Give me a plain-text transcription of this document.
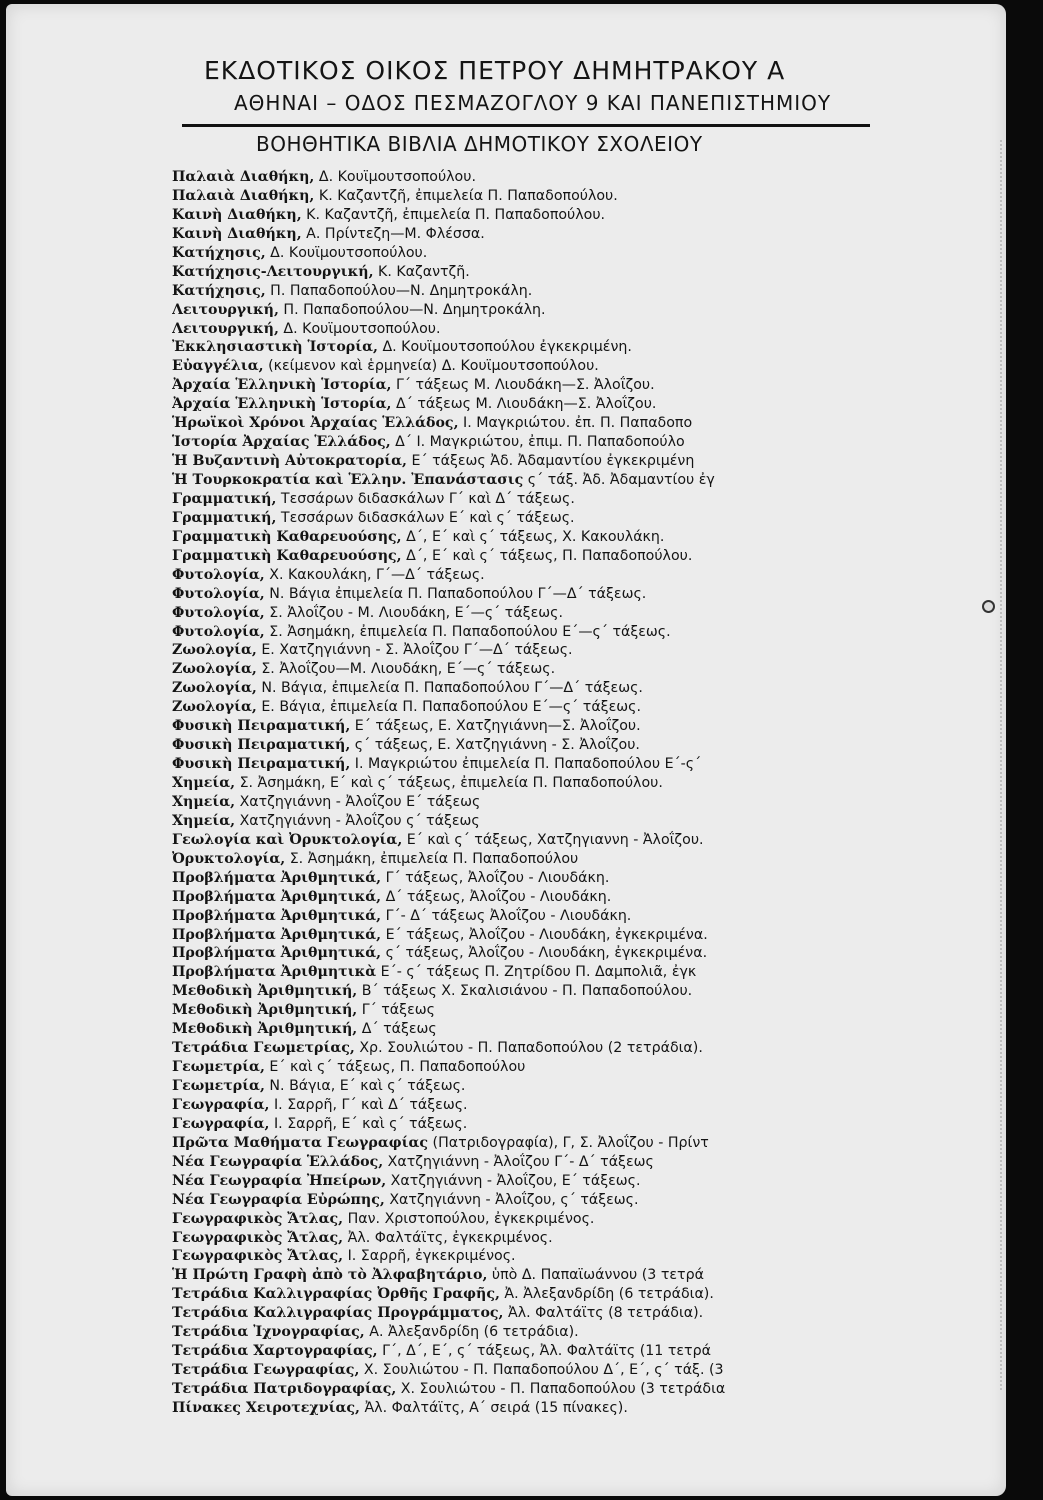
ΕΚΔΟΤΙΚΟΣ ΟΙΚΟΣ ΠΕΤΡΟΥ ΔΗΜΗΤΡΑΚΟΥ Α
ΑΘΗΝΑΙ – ΟΔΟΣ ΠΕΣΜΑΖΟΓΛΟΥ 9 ΚΑΙ ΠΑΝΕΠΙΣΤΗΜΙΟΥ
ΒΟΗΘΗΤΙΚΑ ΒΙΒΛΙΑ ΔΗΜΟΤΙΚΟΥ ΣΧΟΛΕΙΟΥ
Παλαιὰ Διαθήκη, Δ. Κουϊμουτσοπούλου.
Παλαιὰ Διαθήκη, Κ. Καζαντζῆ, ἐπιμελεία Π. Παπαδοπούλου.
Καινὴ Διαθήκη, Κ. Καζαντζῆ, ἐπιμελεία Π. Παπαδοπούλου.
Καινὴ Διαθήκη, Α. Πρίντεζη—Μ. Φλέσσα.
Κατήχησις, Δ. Κουϊμουτσοπούλου.
Κατήχησις-Λειτουργική, Κ. Καζαντζῆ.
Κατήχησις, Π. Παπαδοπούλου—Ν. Δημητροκάλη.
Λειτουργική, Π. Παπαδοπούλου—Ν. Δημητροκάλη.
Λειτουργική, Δ. Κουϊμουτσοπούλου.
Ἐκκλησιαστικὴ Ἱστορία, Δ. Κουϊμουτσοπούλου ἐγκεκριμένη.
Εὐαγγέλια, (κείμενον καὶ ἑρμηνεία) Δ. Κουϊμουτσοπούλου.
Ἀρχαία Ἑλληνικὴ Ἱστορία, Γ΄ τάξεως Μ. Λιουδάκη—Σ. Ἀλοΐζου.
Ἀρχαία Ἑλληνικὴ Ἱστορία, Δ΄ τάξεως Μ. Λιουδάκη—Σ. Ἀλοΐζου.
Ἡρωϊκοὶ Χρόνοι Ἀρχαίας Ἑλλάδος, Ι. Μαγκριώτου. ἐπ. Π. Παπαδοπο
Ἱστορία Ἀρχαίας Ἑλλάδος, Δ΄ Ι. Μαγκριώτου, ἐπιμ. Π. Παπαδοπούλο
Ἡ Βυζαντινὴ Αὐτοκρατορία, Ε΄ τάξεως Ἀδ. Ἀδαμαντίου ἐγκεκριμένη
Ἡ Τουρκοκρατία καὶ Ἑλλην. Ἐπανάστασις ς΄ τάξ. Ἀδ. Ἀδαμαντίου ἐγ
Γραμματική, Τεσσάρων διδασκάλων Γ΄ καὶ Δ΄ τάξεως.
Γραμματική, Τεσσάρων διδασκάλων Ε΄ καὶ ς΄ τάξεως.
Γραμματικὴ Καθαρευούσης, Δ΄, Ε΄ καὶ ς΄ τάξεως, Χ. Κακουλάκη.
Γραμματικὴ Καθαρευούσης, Δ΄, Ε΄ καὶ ς΄ τάξεως, Π. Παπαδοπούλου.
Φυτολογία, Χ. Κακουλάκη, Γ΄—Δ΄ τάξεως.
Φυτολογία, Ν. Βάγια ἐπιμελεία Π. Παπαδοπούλου Γ΄—Δ΄ τάξεως.
Φυτολογία, Σ. Ἀλοΐζου - Μ. Λιουδάκη, Ε΄—ς΄ τάξεως.
Φυτολογία, Σ. Ἀσημάκη, ἐπιμελεία Π. Παπαδοπούλου Ε΄—ς΄ τάξεως.
Ζωολογία, Ε. Χατζηγιάννη - Σ. Ἀλοΐζου Γ΄—Δ΄ τάξεως.
Ζωολογία, Σ. Ἀλοΐζου—Μ. Λιουδάκη, Ε΄—ς΄ τάξεως.
Ζωολογία, Ν. Βάγια, ἐπιμελεία Π. Παπαδοπούλου Γ΄—Δ΄ τάξεως.
Ζωολογία, Ε. Βάγια, ἐπιμελεία Π. Παπαδοπούλου Ε΄—ς΄ τάξεως.
Φυσικὴ Πειραματική, Ε΄ τάξεως, Ε. Χατζηγιάννη—Σ. Ἀλοΐζου.
Φυσικὴ Πειραματική, ς΄ τάξεως, Ε. Χατζηγιάννη - Σ. Ἀλοΐζου.
Φυσικὴ Πειραματική, Ι. Μαγκριώτου ἐπιμελεία Π. Παπαδοπούλου Ε΄-ς΄
Χημεία, Σ. Ἀσημάκη, Ε΄ καὶ ς΄ τάξεως, ἐπιμελεία Π. Παπαδοπούλου.
Χημεία, Χατζηγιάννη - Ἀλοΐζου Ε΄ τάξεως
Χημεία, Χατζηγιάννη - Ἀλοΐζου ς΄ τάξεως
Γεωλογία καὶ Ὀρυκτολογία, Ε΄ καὶ ς΄ τάξεως, Χατζηγιαννη - Ἀλοΐζου.
Ὀρυκτολογία, Σ. Ἀσημάκη, ἐπιμελεία Π. Παπαδοπούλου
Προβλήματα Ἀριθμητικά, Γ΄ τάξεως, Ἀλοΐζου - Λιουδάκη.
Προβλήματα Ἀριθμητικά, Δ΄ τάξεως, Ἀλοΐζου - Λιουδάκη.
Προβλήματα Ἀριθμητικά, Γ΄- Δ΄ τάξεως Ἀλοΐζου - Λιουδάκη.
Προβλήματα Ἀριθμητικά, Ε΄ τάξεως, Ἀλοΐζου - Λιουδάκη, ἐγκεκριμένα.
Προβλήματα Ἀριθμητικά, ς΄ τάξεως, Ἀλοΐζου - Λιουδάκη, ἐγκεκριμένα.
Προβλήματα Ἀριθμητικὰ Ε΄- ς΄ τάξεως Π. Ζητρίδου Π. Δαμπολιᾶ, ἐγκ
Μεθοδικὴ Ἀριθμητική, Β΄ τάξεως Χ. Σκαλισιάνου - Π. Παπαδοπούλου.
Μεθοδικὴ Ἀριθμητική, Γ΄ τάξεως
Μεθοδικὴ Ἀριθμητική, Δ΄ τάξεως
Τετράδια Γεωμετρίας, Χρ. Σουλιώτου - Π. Παπαδοπούλου (2 τετράδια).
Γεωμετρία, Ε΄ καὶ ς΄ τάξεως, Π. Παπαδοπούλου
Γεωμετρία, Ν. Βάγια, Ε΄ καὶ ς΄ τάξεως.
Γεωγραφία, Ι. Σαρρῆ, Γ΄ καὶ Δ΄ τάξεως.
Γεωγραφία, Ι. Σαρρῆ, Ε΄ καὶ ς΄ τάξεως.
Πρῶτα Μαθήματα Γεωγραφίας (Πατριδογραφία), Γ, Σ. Ἀλοΐζου - Πρίντ
Νέα Γεωγραφία Ἑλλάδος, Χατζηγιάννη - Ἀλοΐζου Γ΄- Δ΄ τάξεως
Νέα Γεωγραφία Ἠπείρων, Χατζηγιάννη - Ἀλοΐζου, Ε΄ τάξεως.
Νέα Γεωγραφία Εὐρώπης, Χατζηγιάννη - Ἀλοΐζου, ς΄ τάξεως.
Γεωγραφικὸς Ἄτλας, Παν. Χριστοπούλου, ἐγκεκριμένος.
Γεωγραφικὸς Ἄτλας, Ἀλ. Φαλτάϊτς, ἐγκεκριμένος.
Γεωγραφικὸς Ἄτλας, Ι. Σαρρῆ, ἐγκεκριμένος.
Ἡ Πρώτη Γραφὴ ἀπὸ τὸ Ἀλφαβητάριο, ὑπὸ Δ. Παπαϊωάννου (3 τετρά
Τετράδια Καλλιγραφίας Ὀρθῆς Γραφῆς, Ἀ. Ἀλεξανδρίδη (6 τετράδια).
Τετράδια Καλλιγραφίας Προγράμματος, Ἀλ. Φαλτάϊτς (8 τετράδια).
Τετράδια Ἰχνογραφίας, Α. Ἀλεξανδρίδη (6 τετράδια).
Τετράδια Χαρτογραφίας, Γ΄, Δ΄, Ε΄, ς΄ τάξεως, Ἀλ. Φαλτάϊτς (11 τετρά
Τετράδια Γεωγραφίας, Χ. Σουλιώτου - Π. Παπαδοπούλου Δ΄, Ε΄, ς΄ τάξ. (3
Τετράδια Πατριδογραφίας, Χ. Σουλιώτου - Π. Παπαδοπούλου (3 τετράδια
Πίνακες Χειροτεχνίας, Ἀλ. Φαλτάϊτς, Α΄ σειρά (15 πίνακες).
